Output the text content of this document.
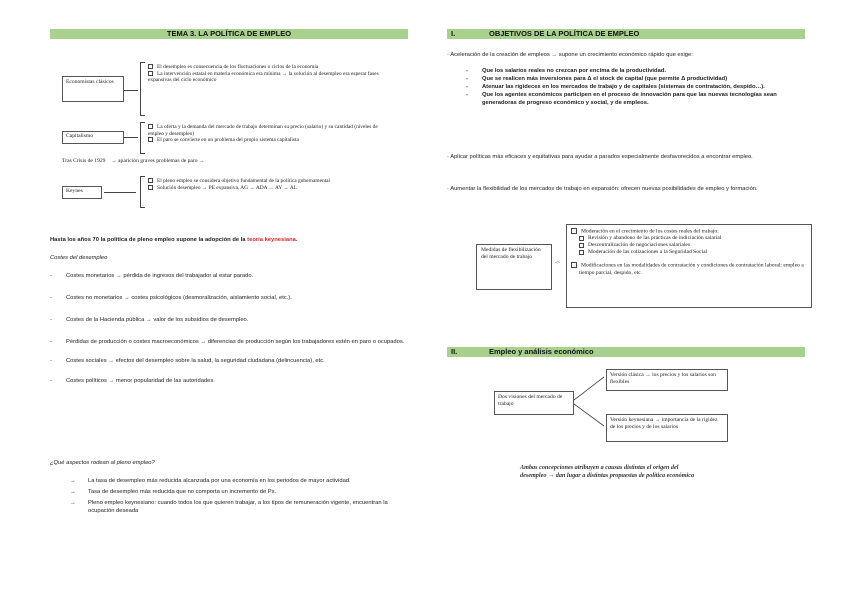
TEMA 3. LA POLÍTICA DE EMPLEO
Economistas clásicos
El desempleo es consecuencia de los fluctuaciones o ciclos de la economía
La intervención estatal en materia económica era mínima → la solución al desempleo era esperar fases expansivas del ciclo económico
Capitalismo
La oferta y la demanda del mercado de trabajo determinan su precio (salario) y su cantidad (niveles de empleo y desempleo)
El paro se convierte en un problema del propio sistema capitalista
Tras Crisis de 1929 → aparición graves problemas de paro →
Keynes
El pleno empleo se considera objetivo fundamental de la política gubernamental
Solución desempleo → PE expansiva, AG → ADA → AY → AL
Hasta los años 70 la política de pleno empleo supone la adopción de la teoría keynesiana.
Costes del desempleo
- Costes monetarios → pérdida de ingresos del trabajador al estar parado.
- Costes no monetarios → costes psicológicos (desmoralización, aislamiento social, etc.).
- Costes de la Hacienda pública → valor de los subsidios de desempleo.
- Pérdidas de producción o costes macroeconómicos → diferencias de producción según los trabajadores estén en paro o ocupados.
- Costes sociales → efectos del desempleo sobre la salud, la seguridad ciudadana (delincuencia), etc.
- Costes políticos → menor popularidad de las autoridades.
¿Qué aspectos rodean al pleno empleo?
→ La tasa de desempleo más reducida alcanzada por una economía en los periodos de mayor actividad.
→ Tasa de desempleo más reducida que no comporta un incremento de Ps.
→ Pleno empleo keynesiano: cuando todos los que quieren trabajar, a los tipos de remuneración vigente, encuentran la ocupación deseada
I.	OBJETIVOS DE LA POLÍTICA DE EMPLEO
· Aceleración de la creación de empleos → supone un crecimiento económico rápido que exige:
- Que los salarios reales no crezcan por encima de la productividad.
- Que se realicen más inversiones para Δ el stock de capital (que permite Δ productividad)
- Atenuar las rigideces en los mercados de trabajo y de capitales (sistemas de contratación, despido…).
- Que los agentes económicos participen en el proceso de innovación para que las nuevas tecnologías sean generadoras de progreso económico y social, y de empleos.
· Aplicar políticas más eficaces y equitativas para ayudar a parados especialmente desfavorecidos a encontrar empleo.
· Aumentar la flexibilidad de los mercados de trabajo en expansión: ofrecen nuevas posibilidades de empleo y formación.
Medidas de flexibilización del mercado de trabajo
->
Moderación en el crecimiento de los costes reales del trabajo:
Revisión y abandono de las prácticas de indiciación salarial
Descentralización de negociaciones salariales
Moderación de las cotizaciones a la Seguridad Social
Modificaciones en las modalidades de contratación y condiciones de contratación laboral: empleo a tiempo parcial, despido, etc.
II.	Empleo y análisis económico
Dos visiones del mercado de trabajo
Versión clásica → los precios y los salarios son flexibles
Versión keynesiana → importancia de la rigidez de los precios y de los salarios
Ambas concepciones atribuyen a causas distintas el origen del desempleo → dan lugar a distintas propuestas de política económica
